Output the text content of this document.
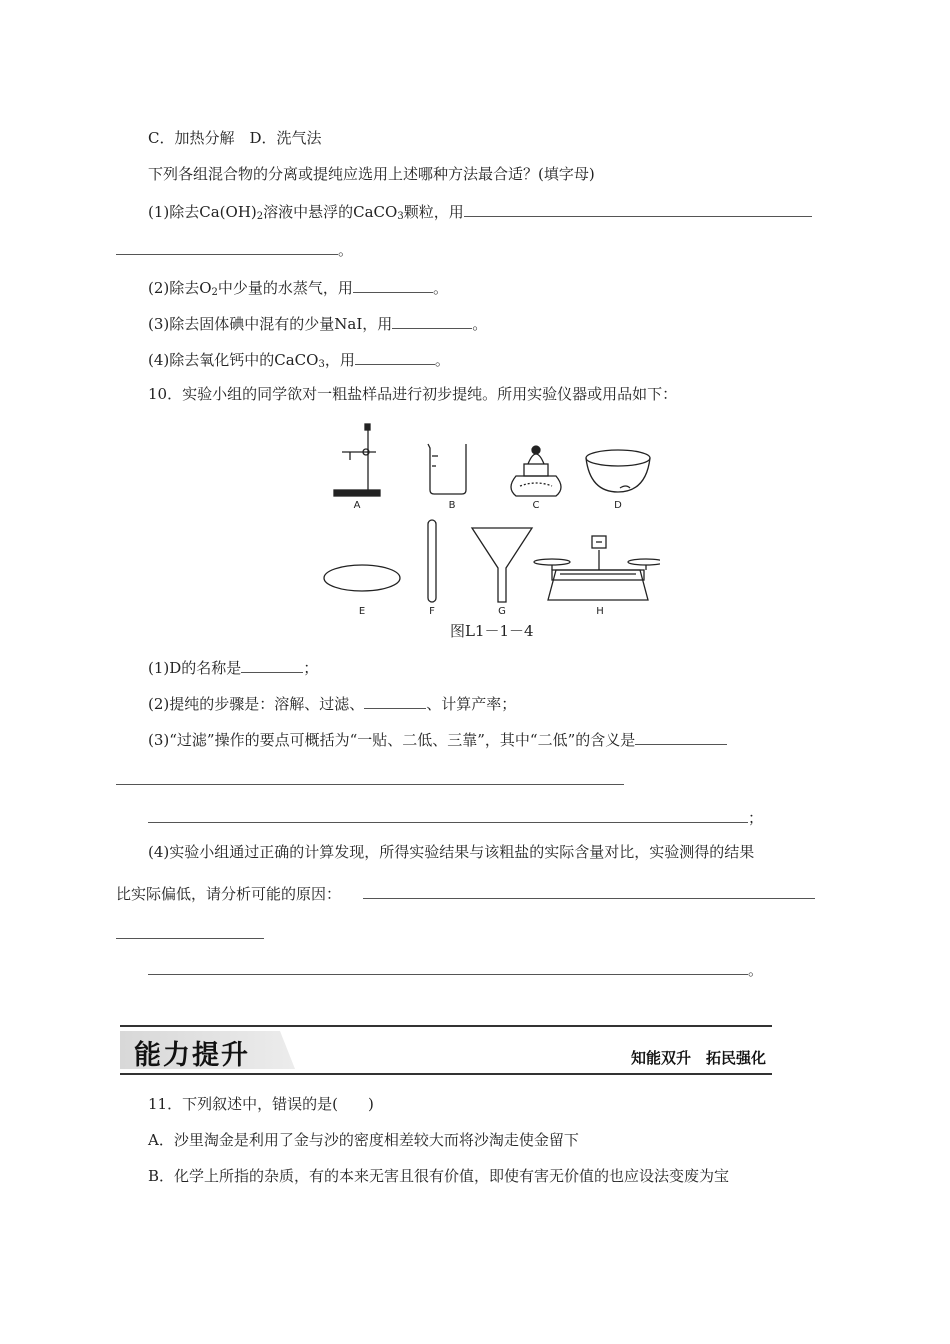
C．加热分解　D．洗气法
下列各组混合物的分离或提纯应选用上述哪种方法最合适？(填字母)
(1)除去$Ca(OH)_2$溶液中悬浮的CaCO$_3$颗粒，用
。
(2)除去$O_2$中少量的水蒸气，用	。
(3)除去固体碘中混有的少量NaI，用	。
(4)除去氧化钙中的CaCO$_3$，用	。
10．实验小组的同学欲对一粗盐样品进行初步提纯。所用实验仪器或用品如下：
A	B	C	D
E	F	G	H
图L1－1－4
(1)D的名称是	；
(2)提纯的步骤是：溶解、过滤、	、计算产率；
(3)“过滤”操作的要点可概括为“一贴、二低、三靠”，其中“二低”的含义是
；
(4)实验小组通过正确的计算发现，所得实验结果与该粗盐的实际含量对比，实验测得的结果
比实际偏低，请分析可能的原因：
。
能力提升	知能双升　拓民强化
11．下列叙述中，错误的是(　　)
A．沙里淘金是利用了金与沙的密度相差较大而将沙淘走使金留下
B．化学上所指的杂质，有的本来无害且很有价值，即使有害无价值的也应设法变废为宝
